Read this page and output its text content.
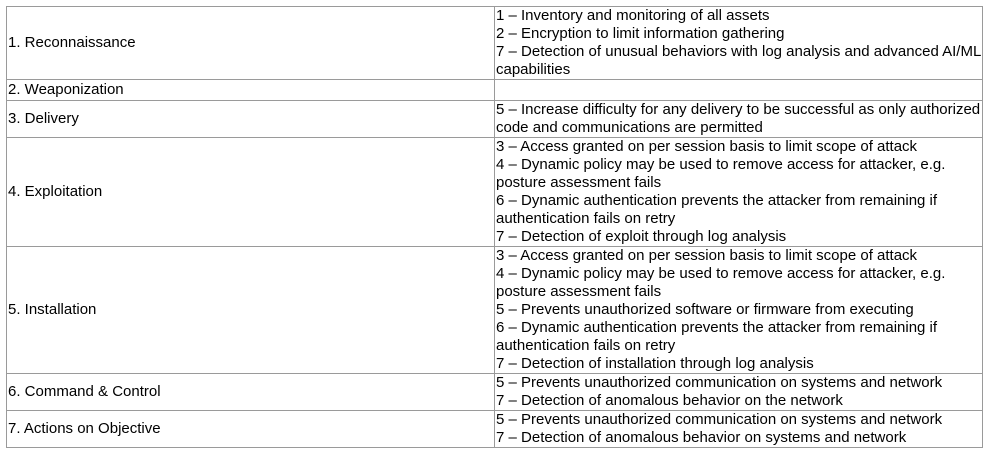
1. Reconnaissance	1 – Inventory and monitoring of all assets
2 – Encryption to limit information gathering
7 – Detection of unusual behaviors with log analysis and advanced AI/ML capabilities

2. Weaponization	
3. Delivery	5 – Increase difficulty for any delivery to be successful as only authorized code and communications are permitted

4. Exploitation	3 – Access granted on per session basis to limit scope of attack
4 – Dynamic policy may be used to remove access for attacker, e.g. posture assessment fails
6 – Dynamic authentication prevents the attacker from remaining if authentication fails on retry
7 – Detection of exploit through log analysis

5. Installation	3 – Access granted on per session basis to limit scope of attack
4 – Dynamic policy may be used to remove access for attacker, e.g. posture assessment fails
5 – Prevents unauthorized software or firmware from executing
6 – Dynamic authentication prevents the attacker from remaining if authentication fails on retry
7 – Detection of installation through log analysis

6. Command & Control	5 – Prevents unauthorized communication on systems and network
7 – Detection of anomalous behavior on the network

7. Actions on Objective	5 – Prevents unauthorized communication on systems and network
7 – Detection of anomalous behavior on systems and network
